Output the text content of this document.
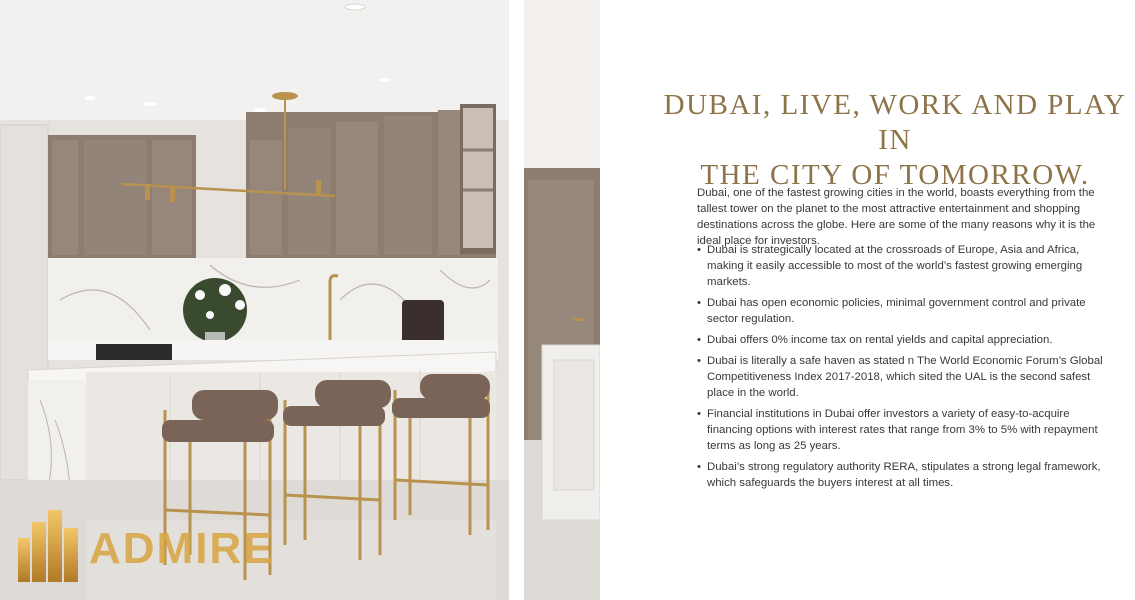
ADMIRE
DUBAI, LIVE, WORK AND PLAY IN
THE CITY OF TOMORROW.

Dubai, one of the fastest growing cities in the world, boasts everything from the tallest tower on the planet to the most attractive entertainment and shopping destinations across the globe. Here are some of the many reasons why it is the ideal place for investors.

• Dubai is strategically located at the crossroads of Europe, Asia and Africa, making it easily accessible to most of the world’s fastest growing emerging markets.
• Dubai has open economic policies, minimal government control and private sector regulation.
• Dubai offers 0% income tax on rental yields and capital appreciation.
• Dubai is literally a safe haven as stated n The World Economic Forum’s Global Competitiveness Index 2017-2018, which sited the UAL is the second safest place in the world.
• Financial institutions in Dubai offer investors a variety of easy-to-acquire financing options with interest rates that range from 3% to 5% with repayment terms as long as 25 years.
• Dubai’s strong regulatory authority RERA, stipulates a strong legal framework, which safeguards the buyers interest at all times.
